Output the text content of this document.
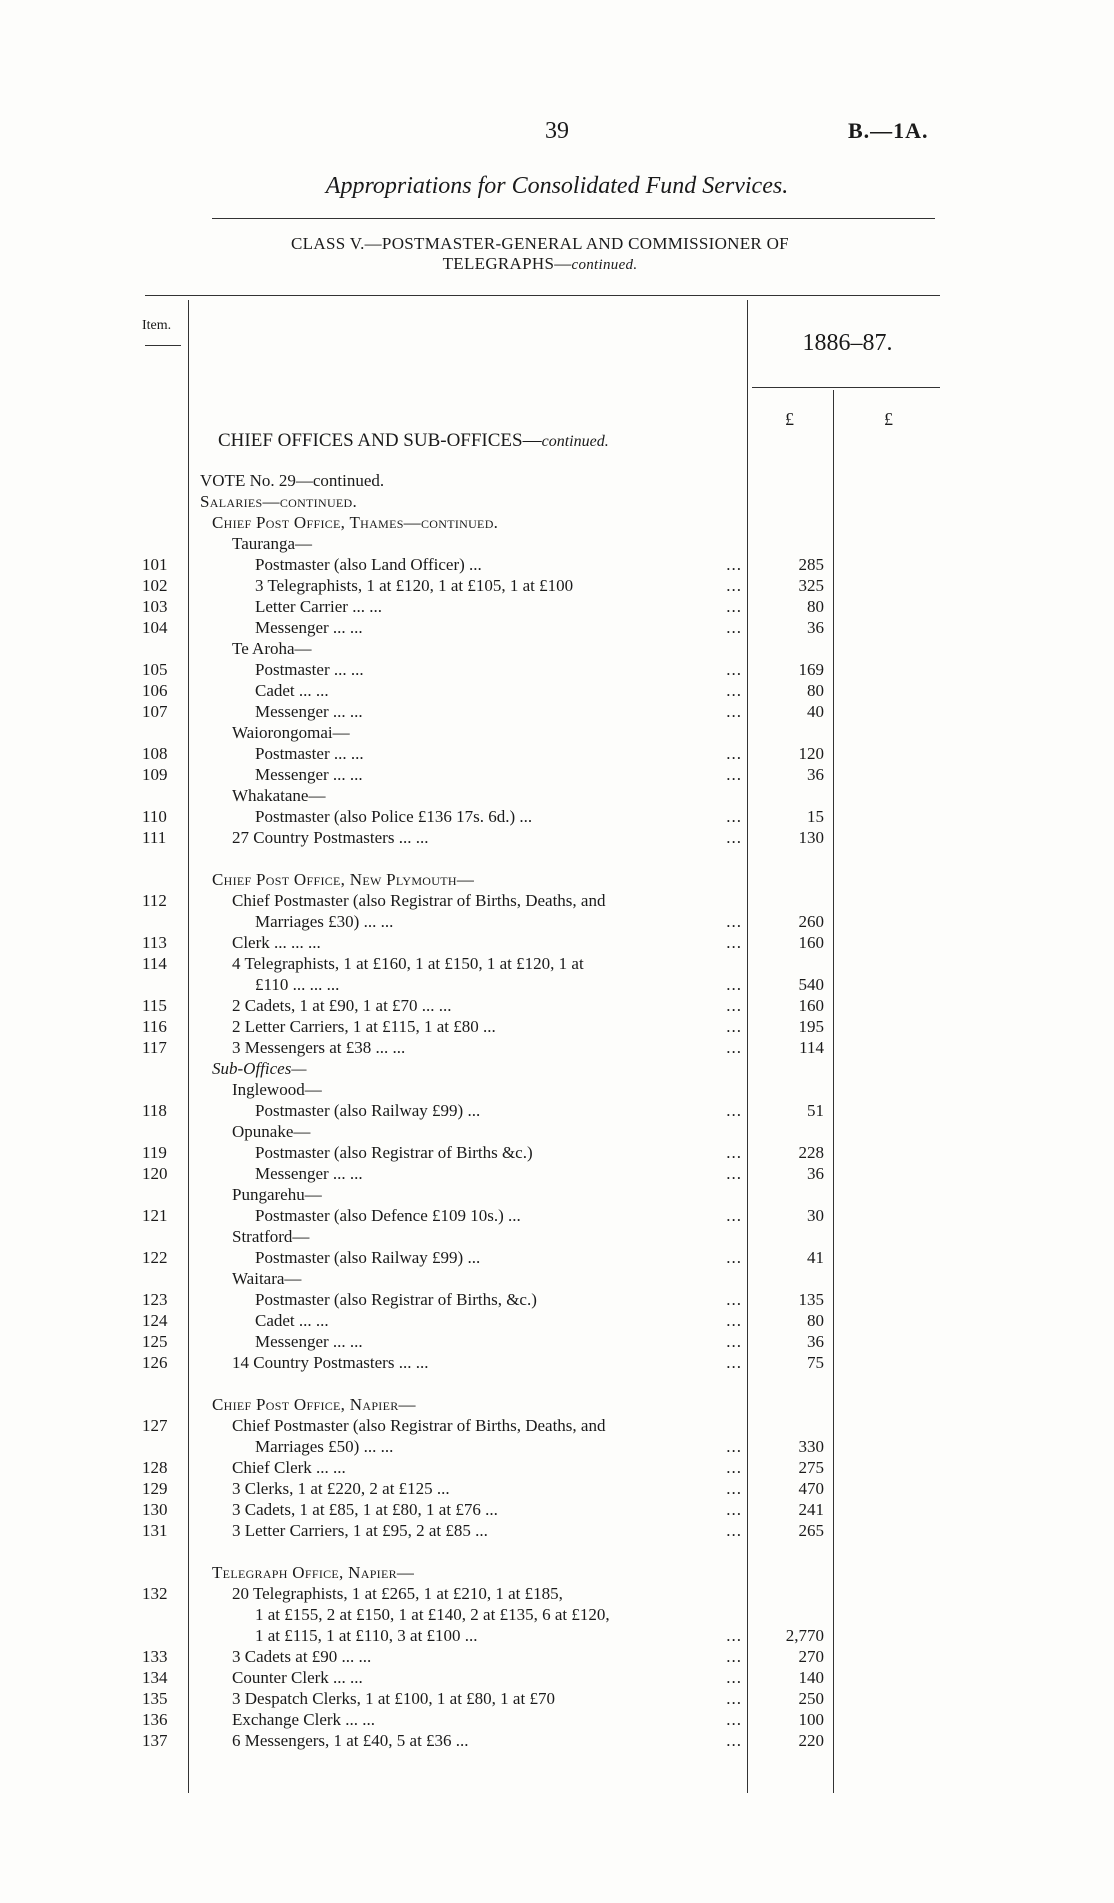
39	B.—1A.
Appropriations for Consolidated Fund Services.
CLASS V.—POSTMASTER-GENERAL AND COMMISSIONER OF
TELEGRAPHS—continued.
Item.
1886–87.
£	£
CHIEF OFFICES AND SUB-OFFICES—continued.
VOTE No. 29—continued.
Salaries—continued.
Chief Post Office, Thames—continued.
Tauranga—
101	Postmaster (also Land Officer) ...	...	285
102	3 Telegraphists, 1 at £120, 1 at £105, 1 at £100	...	325
103	Letter Carrier ... ...	...	80
104	Messenger ... ...	...	36
Te Aroha—
105	Postmaster ... ...	...	169
106	Cadet ... ...	...	80
107	Messenger ... ...	...	40
Waiorongomai—
108	Postmaster ... ...	...	120
109	Messenger ... ...	...	36
Whakatane—
110	Postmaster (also Police £136 17s. 6d.) ...	...	15
111	27 Country Postmasters ... ...	...	130
Chief Post Office, New Plymouth—
112	Chief Postmaster (also Registrar of Births, Deaths, and
Marriages £30) ... ...	...	260
113	Clerk ... ... ...	...	160
114	4 Telegraphists, 1 at £160, 1 at £150, 1 at £120, 1 at
£110 ... ... ...	...	540
115	2 Cadets, 1 at £90, 1 at £70 ... ...	...	160
116	2 Letter Carriers, 1 at £115, 1 at £80 ...	...	195
117	3 Messengers at £38 ... ...	...	114
Sub-Offices—
Inglewood—
118	Postmaster (also Railway £99) ...	...	51
Opunake—
119	Postmaster (also Registrar of Births &c.)	...	228
120	Messenger ... ...	...	36
Pungarehu—
121	Postmaster (also Defence £109 10s.) ...	...	30
Stratford—
122	Postmaster (also Railway £99) ...	...	41
Waitara—
123	Postmaster (also Registrar of Births, &c.)	...	135
124	Cadet ... ...	...	80
125	Messenger ... ...	...	36
126	14 Country Postmasters ... ...	...	75
Chief Post Office, Napier—
127	Chief Postmaster (also Registrar of Births, Deaths, and
Marriages £50) ... ...	...	330
128	Chief Clerk ... ...	...	275
129	3 Clerks, 1 at £220, 2 at £125 ...	...	470
130	3 Cadets, 1 at £85, 1 at £80, 1 at £76 ...	...	241
131	3 Letter Carriers, 1 at £95, 2 at £85 ...	...	265
Telegraph Office, Napier—
132	20 Telegraphists, 1 at £265, 1 at £210, 1 at £185,
1 at £155, 2 at £150, 1 at £140, 2 at £135, 6 at £120,
1 at £115, 1 at £110, 3 at £100 ...	...	2,770
133	3 Cadets at £90 ... ...	...	270
134	Counter Clerk ... ...	...	140
135	3 Despatch Clerks, 1 at £100, 1 at £80, 1 at £70	...	250
136	Exchange Clerk ... ...	...	100
137	6 Messengers, 1 at £40, 5 at £36 ...	...	220
